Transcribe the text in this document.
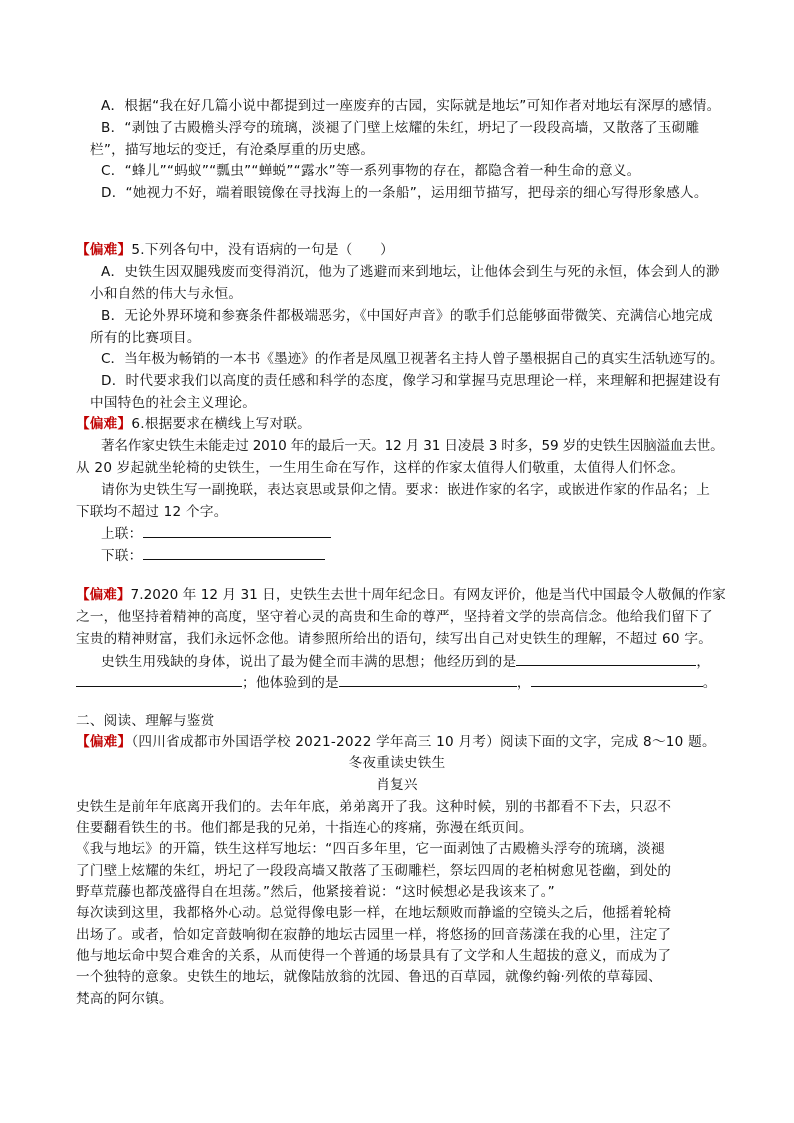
A．根据“我在好几篇小说中都提到过一座废弃的古园，实际就是地坛”可知作者对地坛有深厚的感情。
B．“剥蚀了古殿檐头浮夸的琉璃，淡褪了门壁上炫耀的朱红，坍圮了一段段高墙，又散落了玉砌雕
栏”，描写地坛的变迁，有沧桑厚重的历史感。
C．“蜂儿”“蚂蚁”“瓢虫”“蝉蜕”“露水”等一系列事物的存在，都隐含着一种生命的意义。
D．“她视力不好，端着眼镜像在寻找海上的一条船”，运用细节描写，把母亲的细心写得形象感人。
【偏难】5.下列各句中，没有语病的一句是（　　）
A．史铁生因双腿残废而变得消沉，他为了逃避而来到地坛，让他体会到生与死的永恒，体会到人的渺
小和自然的伟大与永恒。
B．无论外界环境和参赛条件都极端恶劣，《中国好声音》的歌手们总能够面带微笑、充满信心地完成
所有的比赛项目。
C．当年极为畅销的一本书《墨迹》的作者是凤凰卫视著名主持人曾子墨根据自己的真实生活轨迹写的。
D．时代要求我们以高度的责任感和科学的态度，像学习和掌握马克思理论一样，来理解和把握建设有
中国特色的社会主义理论。
【偏难】6.根据要求在横线上写对联。
著名作家史铁生未能走过 2010 年的最后一天。12 月 31 日凌晨 3 时多，59 岁的史铁生因脑溢血去世。
从 20 岁起就坐轮椅的史铁生，一生用生命在写作，这样的作家太值得人们敬重，太值得人们怀念。
请你为史铁生写一副挽联，表达哀思或景仰之情。要求：嵌进作家的名字，或嵌进作家的作品名；上
下联均不超过 12 个字。
上联：
下联：
【偏难】7.2020 年 12 月 31 日，史铁生去世十周年纪念日。有网友评价，他是当代中国最令人敬佩的作家
之一，他坚持着精神的高度，坚守着心灵的高贵和生命的尊严，坚持着文学的崇高信念。他给我们留下了
宝贵的精神财富，我们永远怀念他。请参照所给出的语句，续写出自己对史铁生的理解，不超过 60 字。
史铁生用残缺的身体，说出了最为健全而丰满的思想；他经历到的是	，
；他体验到的是	，	。
二、阅读、理解与鉴赏
【偏难】（四川省成都市外国语学校 2021-2022 学年高三 10 月考）阅读下面的文字，完成 8～10 题。
冬夜重读史铁生
肖复兴
史铁生是前年年底离开我们的。去年年底，弟弟离开了我。这种时候，别的书都看不下去，只忍不
住要翻看铁生的书。他们都是我的兄弟，十指连心的疼痛，弥漫在纸页间。
《我与地坛》的开篇，铁生这样写地坛：“四百多年里，它一面剥蚀了古殿檐头浮夸的琉璃，淡褪
了门壁上炫耀的朱红，坍圮了一段段高墙又散落了玉砌雕栏，祭坛四周的老柏树愈见苍幽，到处的
野草荒藤也都茂盛得自在坦荡。”然后，他紧接着说：“这时候想必是我该来了。”
每次读到这里，我都格外心动。总觉得像电影一样，在地坛颓败而静谧的空镜头之后，他摇着轮椅
出场了。或者，恰如定音鼓响彻在寂静的地坛古园里一样，将悠扬的回音荡漾在我的心里，注定了
他与地坛命中契合难舍的关系，从而使得一个普通的场景具有了文学和人生超拔的意义，而成为了
一个独特的意象。史铁生的地坛，就像陆放翁的沈园、鲁迅的百草园，就像约翰·列侬的草莓园、
梵高的阿尔镇。
